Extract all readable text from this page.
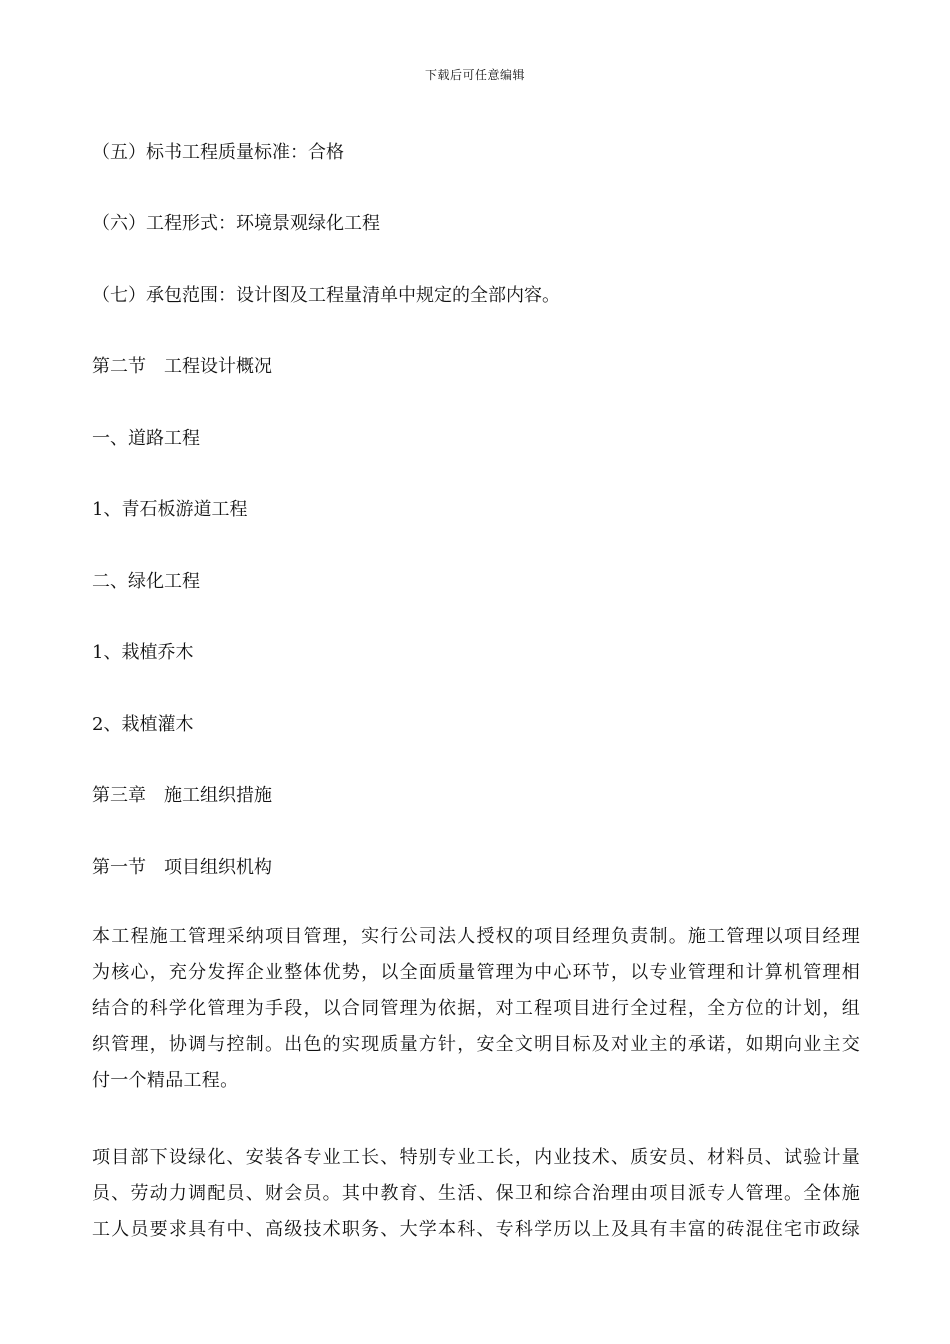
下载后可任意编辑
（五）标书工程质量标准：合格
（六）工程形式：环境景观绿化工程
（七）承包范围：设计图及工程量清单中规定的全部内容。
第二节　工程设计概况
一、道路工程
1、青石板游道工程
二、绿化工程
1、栽植乔木
2、栽植灌木
第三章　施工组织措施
第一节　项目组织机构
本工程施工管理采纳项目管理，实行公司法人授权的项目经理负责制。施工管理以项目经理
为核心，充分发挥企业整体优势，以全面质量管理为中心环节，以专业管理和计算机管理相
结合的科学化管理为手段，以合同管理为依据，对工程项目进行全过程，全方位的计划，组
织管理，协调与控制。出色的实现质量方针，安全文明目标及对业主的承诺，如期向业主交
付一个精品工程。
项目部下设绿化、安装各专业工长、特别专业工长，内业技术、质安员、材料员、试验计量
员、劳动力调配员、财会员。其中教育、生活、保卫和综合治理由项目派专人管理。全体施
工人员要求具有中、高级技术职务、大学本科、专科学历以上及具有丰富的砖混住宅市政绿
